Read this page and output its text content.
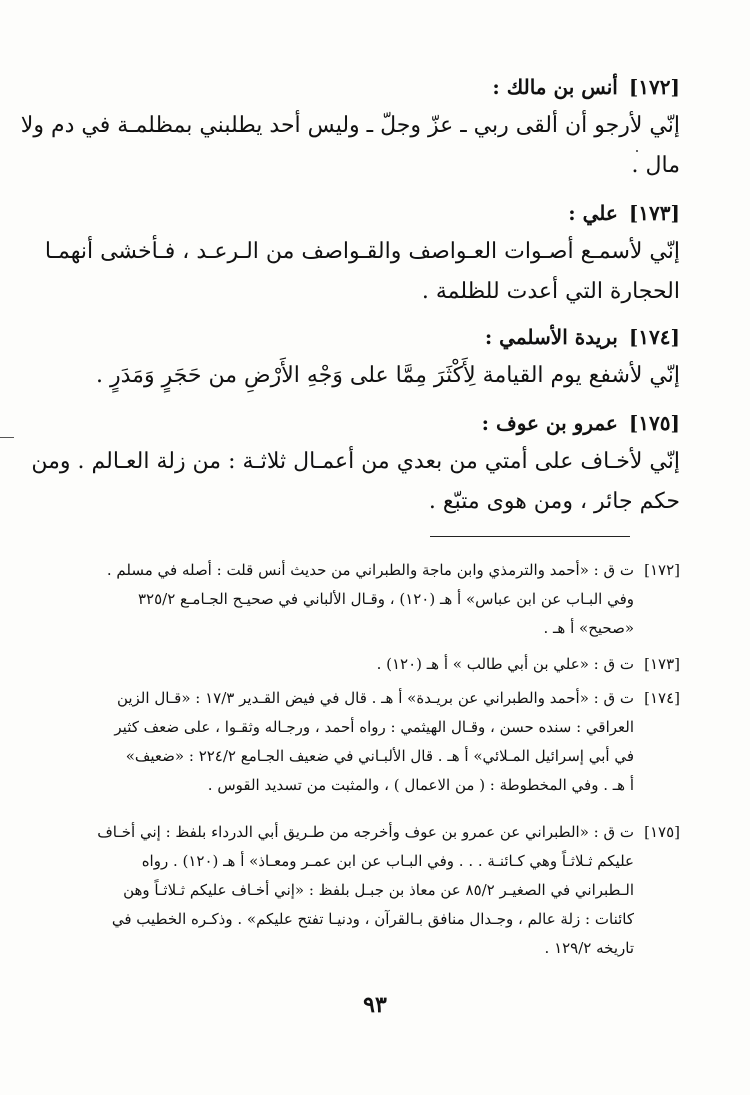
[١٧٢] أنس بن مالك :

إنّي لأرجو أن ألقى ربي ـ عزّ وجلّ ـ وليس أحد يطلبني بمظلمـة في دم ولا
مال .

[١٧٣] علي :

إنّي لأسمـع أصـوات العـواصف والقـواصف من الـرعـد ، فـأخشى أنهمـا
الحجارة التي أعدت للظلمة .

[١٧٤] بريدة الأسلمي :

إنّي لأشفع يوم القيامة لِأَكْثَرَ مِمَّا على وَجْهِ الأَرْضِ من حَجَرٍ وَمَدَرٍ .

[١٧٥] عمرو بن عوف :

إنّي لأخـاف على أمتي من بعدي من أعمـال ثلاثـة : من زلة العـالم . ومن
حكم جائر ، ومن هوى متبّع .

[١٧٢]
ت ق : «أحمد والترمذي وابن ماجة والطبراني من حديث أنس قلت : أصله في مسلم .
وفي البـاب عن ابن عباس» أ هـ (١٢٠) ، وقـال الألباني في صحيـح الجـامـع ٣٢٥/٢
«صحيح» أ هـ .
[١٧٣]
ت ق : «علي بن أبي طالب » أ هـ (١٢٠) .
[١٧٤]
ت ق : «أحمد والطبراني عن بريـدة» أ هـ . قال في فيض القـدير ١٧/٣ : «قـال الزين
العراقي : سنده حسن ، وقـال الهيثمي : رواه أحمد ، ورجـاله وثقـوا ، على ضعف كثير
في أبي إسرائيل المـلائي» أ هـ . قال الألبـاني في ضعيف الجـامع ٢٢٤/٢ : «ضعيف»
أ هـ . وفي المخطوطة : ( من الاعمال ) ، والمثبت من تسديد القوس .
[١٧٥]
ت ق : «الطبراني عن عمرو بن عوف وأخرجه من طـريق أبي الدرداء بلفظ : إني أخـاف
عليكم ثـلاثـاً وهي كـائنـة . . . وفي البـاب عن ابن عمـر ومعـاذ» أ هـ (١٢٠) . رواه
الـطبراني في الصغيـر ٨٥/٢ عن معاذ بن جبـل بلفظ : «إني أخـاف عليكم ثـلاثـاً وهن
كائنات : زلة عالم ، وجـدال منافق بـالقرآن ، ودنيـا تفتح عليكم» . وذكـره الخطيب في
تاريخه ١٢٩/٢ .
٩٣
